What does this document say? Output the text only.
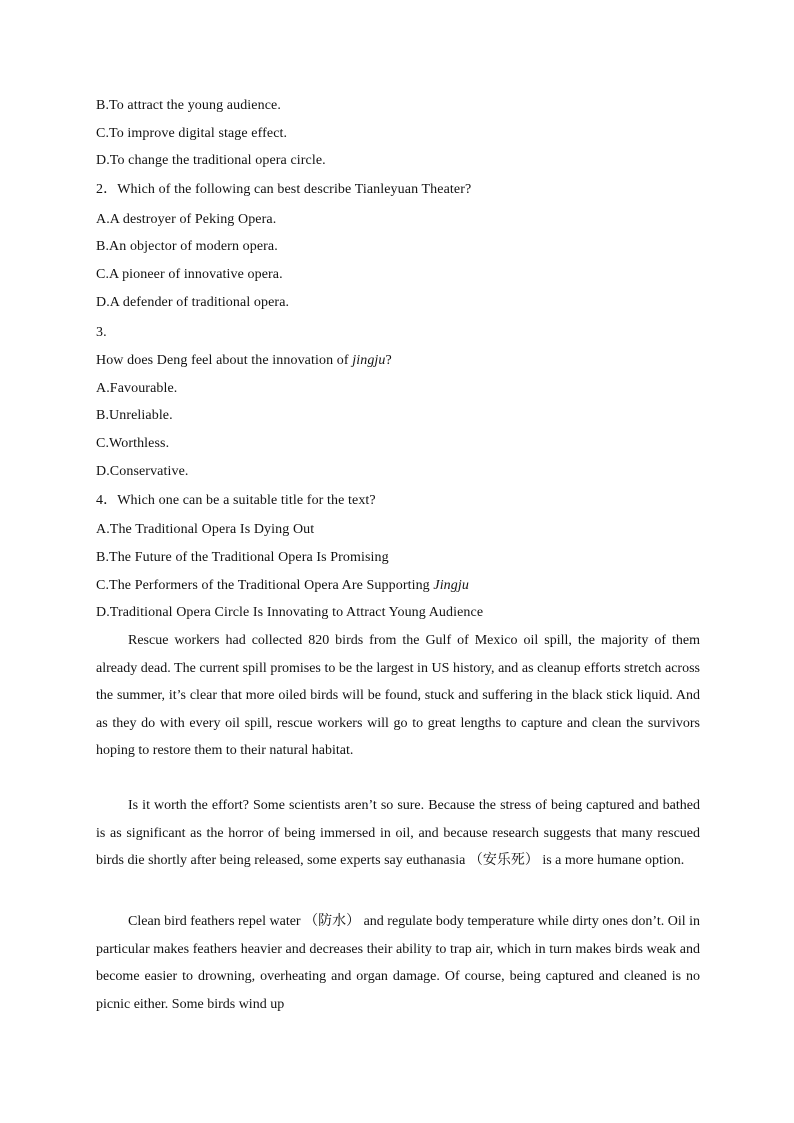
B.To attract the young audience.
C.To improve digital stage effect.
D.To change the traditional opera circle.
2．Which of the following can best describe Tianleyuan Theater?
A.A destroyer of Peking Opera.
B.An objector of modern opera.
C.A pioneer of innovative opera.
D.A defender of traditional opera.
3.
How does Deng feel about the innovation of jingju?
A.Favourable.
B.Unreliable.
C.Worthless.
D.Conservative.
4．Which one can be a suitable title for the text?
A.The Traditional Opera Is Dying Out
B.The Future of the Traditional Opera Is Promising
C.The Performers of the Traditional Opera Are Supporting Jingju
D.Traditional Opera Circle Is Innovating to Attract Young Audience
Rescue workers had collected 820 birds from the Gulf of Mexico oil spill, the majority of them already dead. The current spill promises to be the largest in US history, and as cleanup efforts stretch across the summer, it’s clear that more oiled birds will be found, stuck and suffering in the black stick liquid. And as they do with every oil spill, rescue workers will go to great lengths to capture and clean the survivors hoping to restore them to their natural habitat.
Is it worth the effort? Some scientists aren’t so sure. Because the stress of being captured and bathed is as significant as the horror of being immersed in oil, and because research suggests that many rescued birds die shortly after being released, some experts say euthanasia （安乐死） is a more humane option.
Clean bird feathers repel water （防水） and regulate body temperature while dirty ones don’t. Oil in particular makes feathers heavier and decreases their ability to trap air, which in turn makes birds weak and become easier to drowning, overheating and organ damage. Of course, being captured and cleaned is no picnic either. Some birds wind up
